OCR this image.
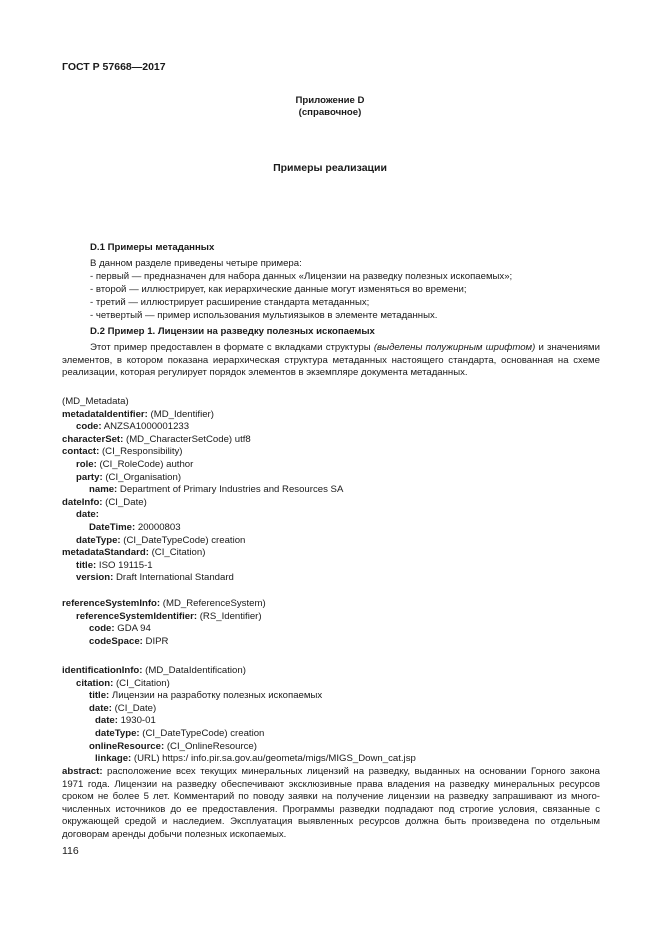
ГОСТ Р 57668—2017
Приложение D
(справочное)
Примеры реализации
D.1 Примеры метаданных
В данном разделе приведены четыре примера:
- первый — предназначен для набора данных «Лицензии на разведку полезных ископаемых»;
- второй — иллюстрирует, как иерархические данные могут изменяться во времени;
- третий — иллюстрирует расширение стандарта метаданных;
- четвертый — пример использования мультиязыков в элементе метаданных.
D.2 Пример 1. Лицензии на разведку полезных ископаемых
Этот пример предоставлен в формате с вкладками структуры (выделены полужирным шрифтом) и значениями элементов, в котором показана иерархическая структура метаданных настоящего стандарта, основанная на схеме реализации, которая регулирует порядок элементов в экземпляре документа метаданных.
(MD_Metadata)
metadataIdentifier: (MD_Identifier)
code: ANZSA1000001233
characterSet: (MD_CharacterSetCode) utf8
contact: (CI_Responsibility)
role: (CI_RoleCode) author
party: (CI_Organisation)
name: Department of Primary Industries and Resources SA
dateInfo: (CI_Date)
date:
DateTime: 20000803
dateType: (CI_DateTypeCode) creation
metadataStandard: (CI_Citation)
title: ISO 19115-1
version: Draft International Standard
referenceSystemInfo: (MD_ReferenceSystem)
referenceSystemIdentifier: (RS_Identifier)
code: GDA 94
codeSpace: DIPR
identificationInfo: (MD_DataIdentification)
citation: (CI_Citation)
title: Лицензии на разработку полезных ископаемых
date: (CI_Date)
date: 1930-01
dateType: (CI_DateTypeCode) creation
onlineResource: (CI_OnlineResource)
linkage: (URL) https:/ info.pir.sa.gov.au/geometa/migs/MIGS_Down_cat.jsp
abstract: расположение всех текущих минеральных лицензий на разведку, выданных на основании Горного закона 1971 года. Лицензии на разведку обеспечивают эксклюзивные права владения на разведку минеральных ресурсов сроком не более 5 лет. Комментарий по поводу заявки на получение лицензии на разведку запрашивают из многочисленных источников до ее предоставления. Программы разведки подпадают под строгие условия, связанные с окружающей средой и наследием. Эксплуатация выявленных ресурсов должна быть произведена по отдельным договорам аренды добычи полезных ископаемых.
116
